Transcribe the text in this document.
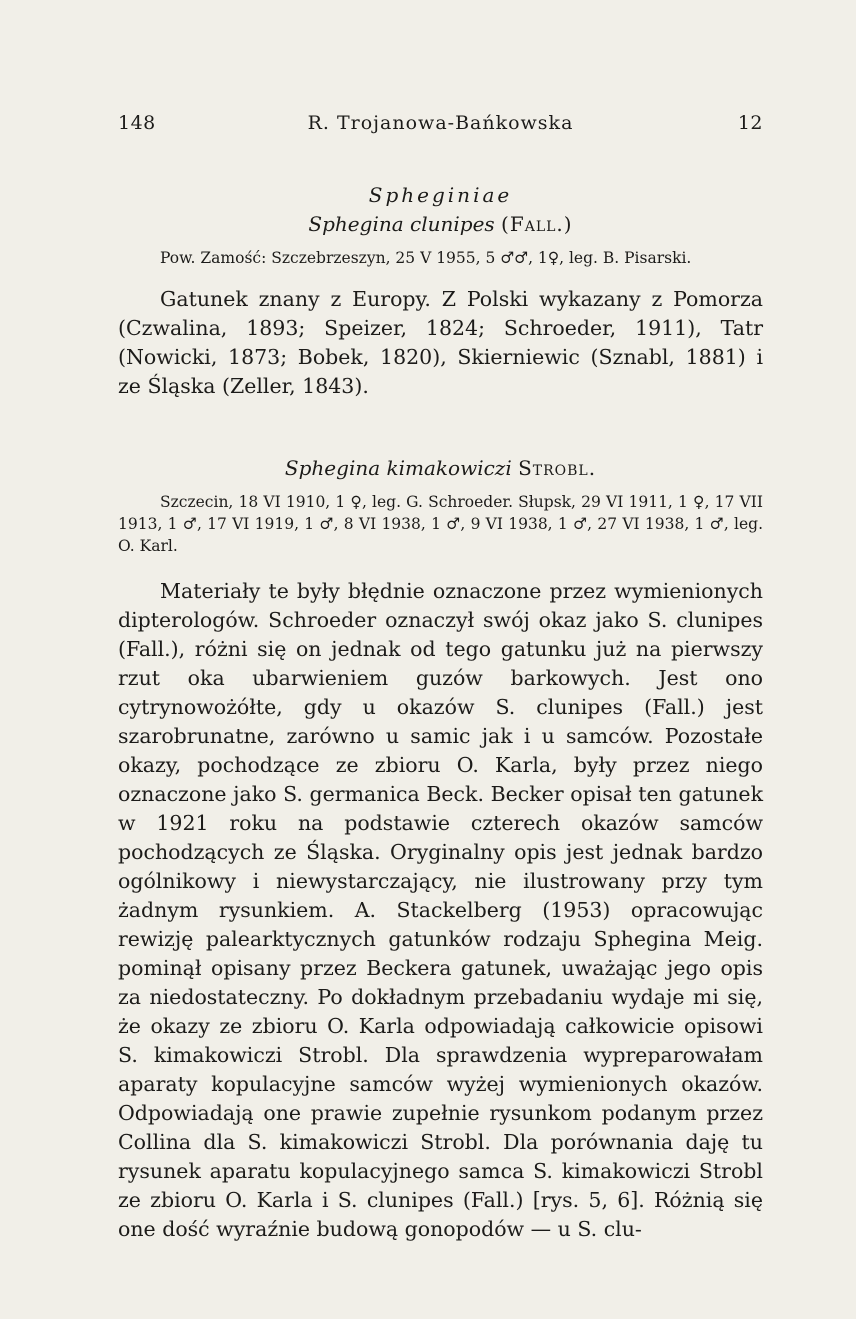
148	R. Trojanowa-Bańkowska	12
Spheginiae
Sphegina clunipes (Fall.)

Pow. Zamość: Szczebrzeszyn, 25 V 1955, 5 ♂♂, 1♀, leg. B. Pisarski.

Gatunek znany z Europy. Z Polski wykazany z Pomorza (Czwalina, 1893; Speizer, 1824; Schroeder, 1911), Tatr (Nowicki, 1873; Bobek, 1820), Skierniewic (Sznabl, 1881) i ze Śląska (Zeller, 1843).

Sphegina kimakowiczi Strobl.

Szczecin, 18 VI 1910, 1 ♀, leg. G. Schroeder. Słupsk, 29 VI 1911, 1 ♀, 17 VII 1913, 1 ♂, 17 VI 1919, 1 ♂, 8 VI 1938, 1 ♂, 9 VI 1938, 1 ♂, 27 VI 1938, 1 ♂, leg. O. Karl.

Materiały te były błędnie oznaczone przez wymienionych dipterologów. Schroeder oznaczył swój okaz jako S. clunipes (Fall.), różni się on jednak od tego gatunku już na pierwszy rzut oka ubarwieniem guzów barkowych. Jest ono cytrynowożółte, gdy u okazów S. clunipes (Fall.) jest szarobrunatne, zarówno u samic jak i u samców. Pozostałe okazy, pochodzące ze zbioru O. Karla, były przez niego oznaczone jako S. germanica Beck. Becker opisał ten gatunek w 1921 roku na podstawie czterech okazów samców pochodzących ze Śląska. Oryginalny opis jest jednak bardzo ogólnikowy i niewystarczający, nie ilustrowany przy tym żadnym rysunkiem. A. Stackelberg (1953) opracowując rewizję palearktycznych gatunków rodzaju Sphegina Meig. pominął opisany przez Beckera gatunek, uważając jego opis za niedostateczny. Po dokładnym przebadaniu wydaje mi się, że okazy ze zbioru O. Karla odpowiadają całkowicie opisowi S. kimakowiczi Strobl. Dla sprawdzenia wypreparowałam aparaty kopulacyjne samców wyżej wymienionych okazów. Odpowiadają one prawie zupełnie rysunkom podanym przez Collina dla S. kimakowiczi Strobl. Dla porównania daję tu rysunek aparatu kopulacyjnego samca S. kimakowiczi Strobl ze zbioru O. Karla i S. clunipes (Fall.) [rys. 5, 6]. Różnią się one dość wyraźnie budową gonopodów — u S. clu-
